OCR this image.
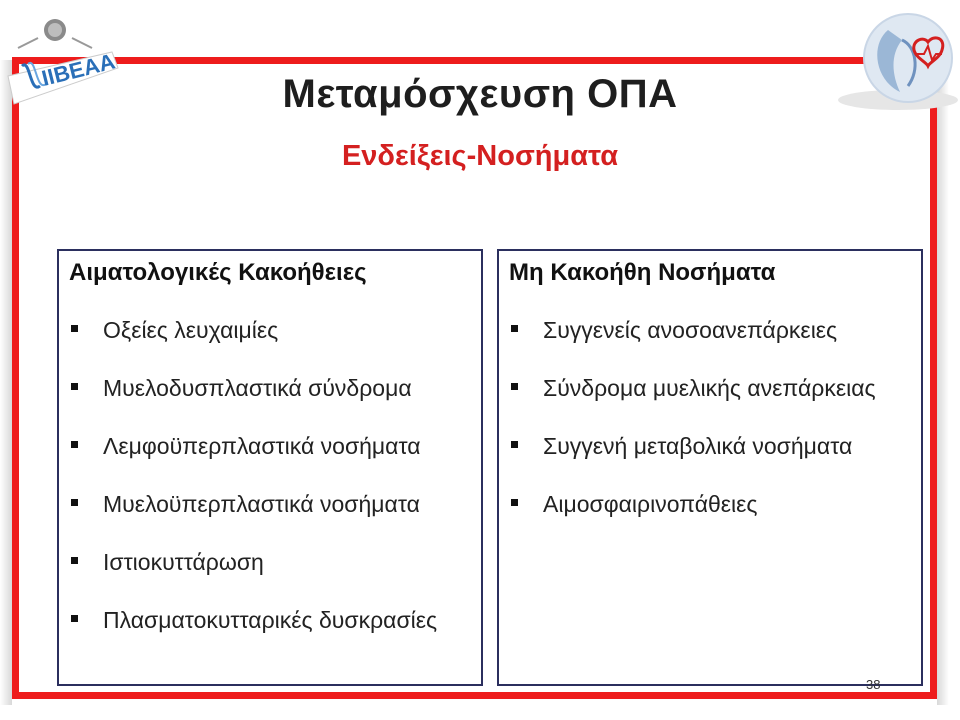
IIBEAA
Μεταμόσχευση ΟΠΑ
Ενδείξεις-Νοσήματα
Αιματολογικές Κακοήθειες
Οξείες λευχαιμίες
Μυελοδυσπλαστικά σύνδρομα
Λεμφοϋπερπλαστικά νοσήματα
Μυελοϋπερπλαστικά νοσήματα
Ιστιοκυττάρωση
Πλασματοκυτταρικές δυσκρασίες
Μη Κακοήθη Νοσήματα
Συγγενείς ανοσοανεπάρκειες
Σύνδρομα μυελικής ανεπάρκειας
Συγγενή μεταβολικά νοσήματα
Αιμοσφαιρινοπάθειες
38
